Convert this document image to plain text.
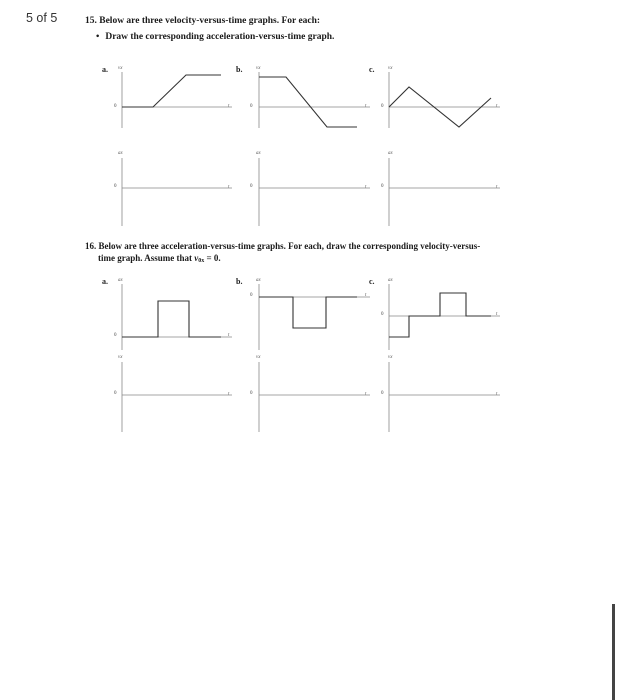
5 of 5	15. Below are three velocity-versus-time graphs. For each:
• Draw the corresponding acceleration-versus-time graph.
a.	b.	c.
vx	vx	vx
0	0	0
t	t	t
ax	ax	ax
0	0	0
t	t	t
16. Below are three acceleration-versus-time graphs. For each, draw the corresponding velocity-versus-
time graph. Assume that v0x = 0.
a.	b.	c.
ax	ax	ax
0
0
0
t
t
t
vx	vx	vx
0	0	0
t	t	t
